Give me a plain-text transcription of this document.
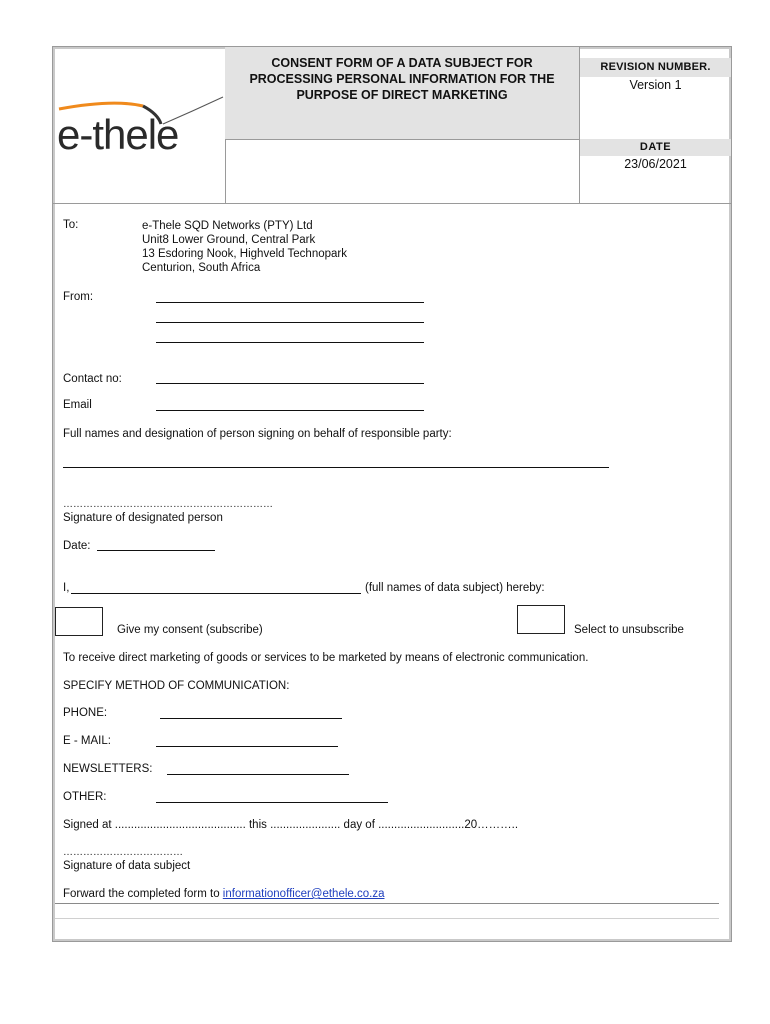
e-thele
CONSENT FORM OF A DATA SUBJECT FOR PROCESSING PERSONAL INFORMATION FOR THE PURPOSE OF DIRECT MARKETING
REVISION NUMBER.
Version 1
DATE
23/06/2021
To:	e-Thele SQD Networks (PTY) Ltd
Unit8 Lower Ground, Central Park
13 Esdoring Nook, Highveld Technopark
Centurion, South Africa
From:
Contact no:
Email
Full names and designation of person signing on behalf of responsible party:
………………………………………………………
Signature of designated person
Date:
I,	(full names of data subject) hereby:
Give my consent (subscribe)	Select to unsubscribe
To receive direct marketing of goods or services to be marketed by means of electronic communication.
SPECIFY METHOD OF COMMUNICATION:
PHONE:
E - MAIL:
NEWSLETTERS:
OTHER:
Signed at ......................................... this ...................... day of ...........................20………..
………………………………
Signature of data subject
Forward the completed form to informationofficer@ethele.co.za
